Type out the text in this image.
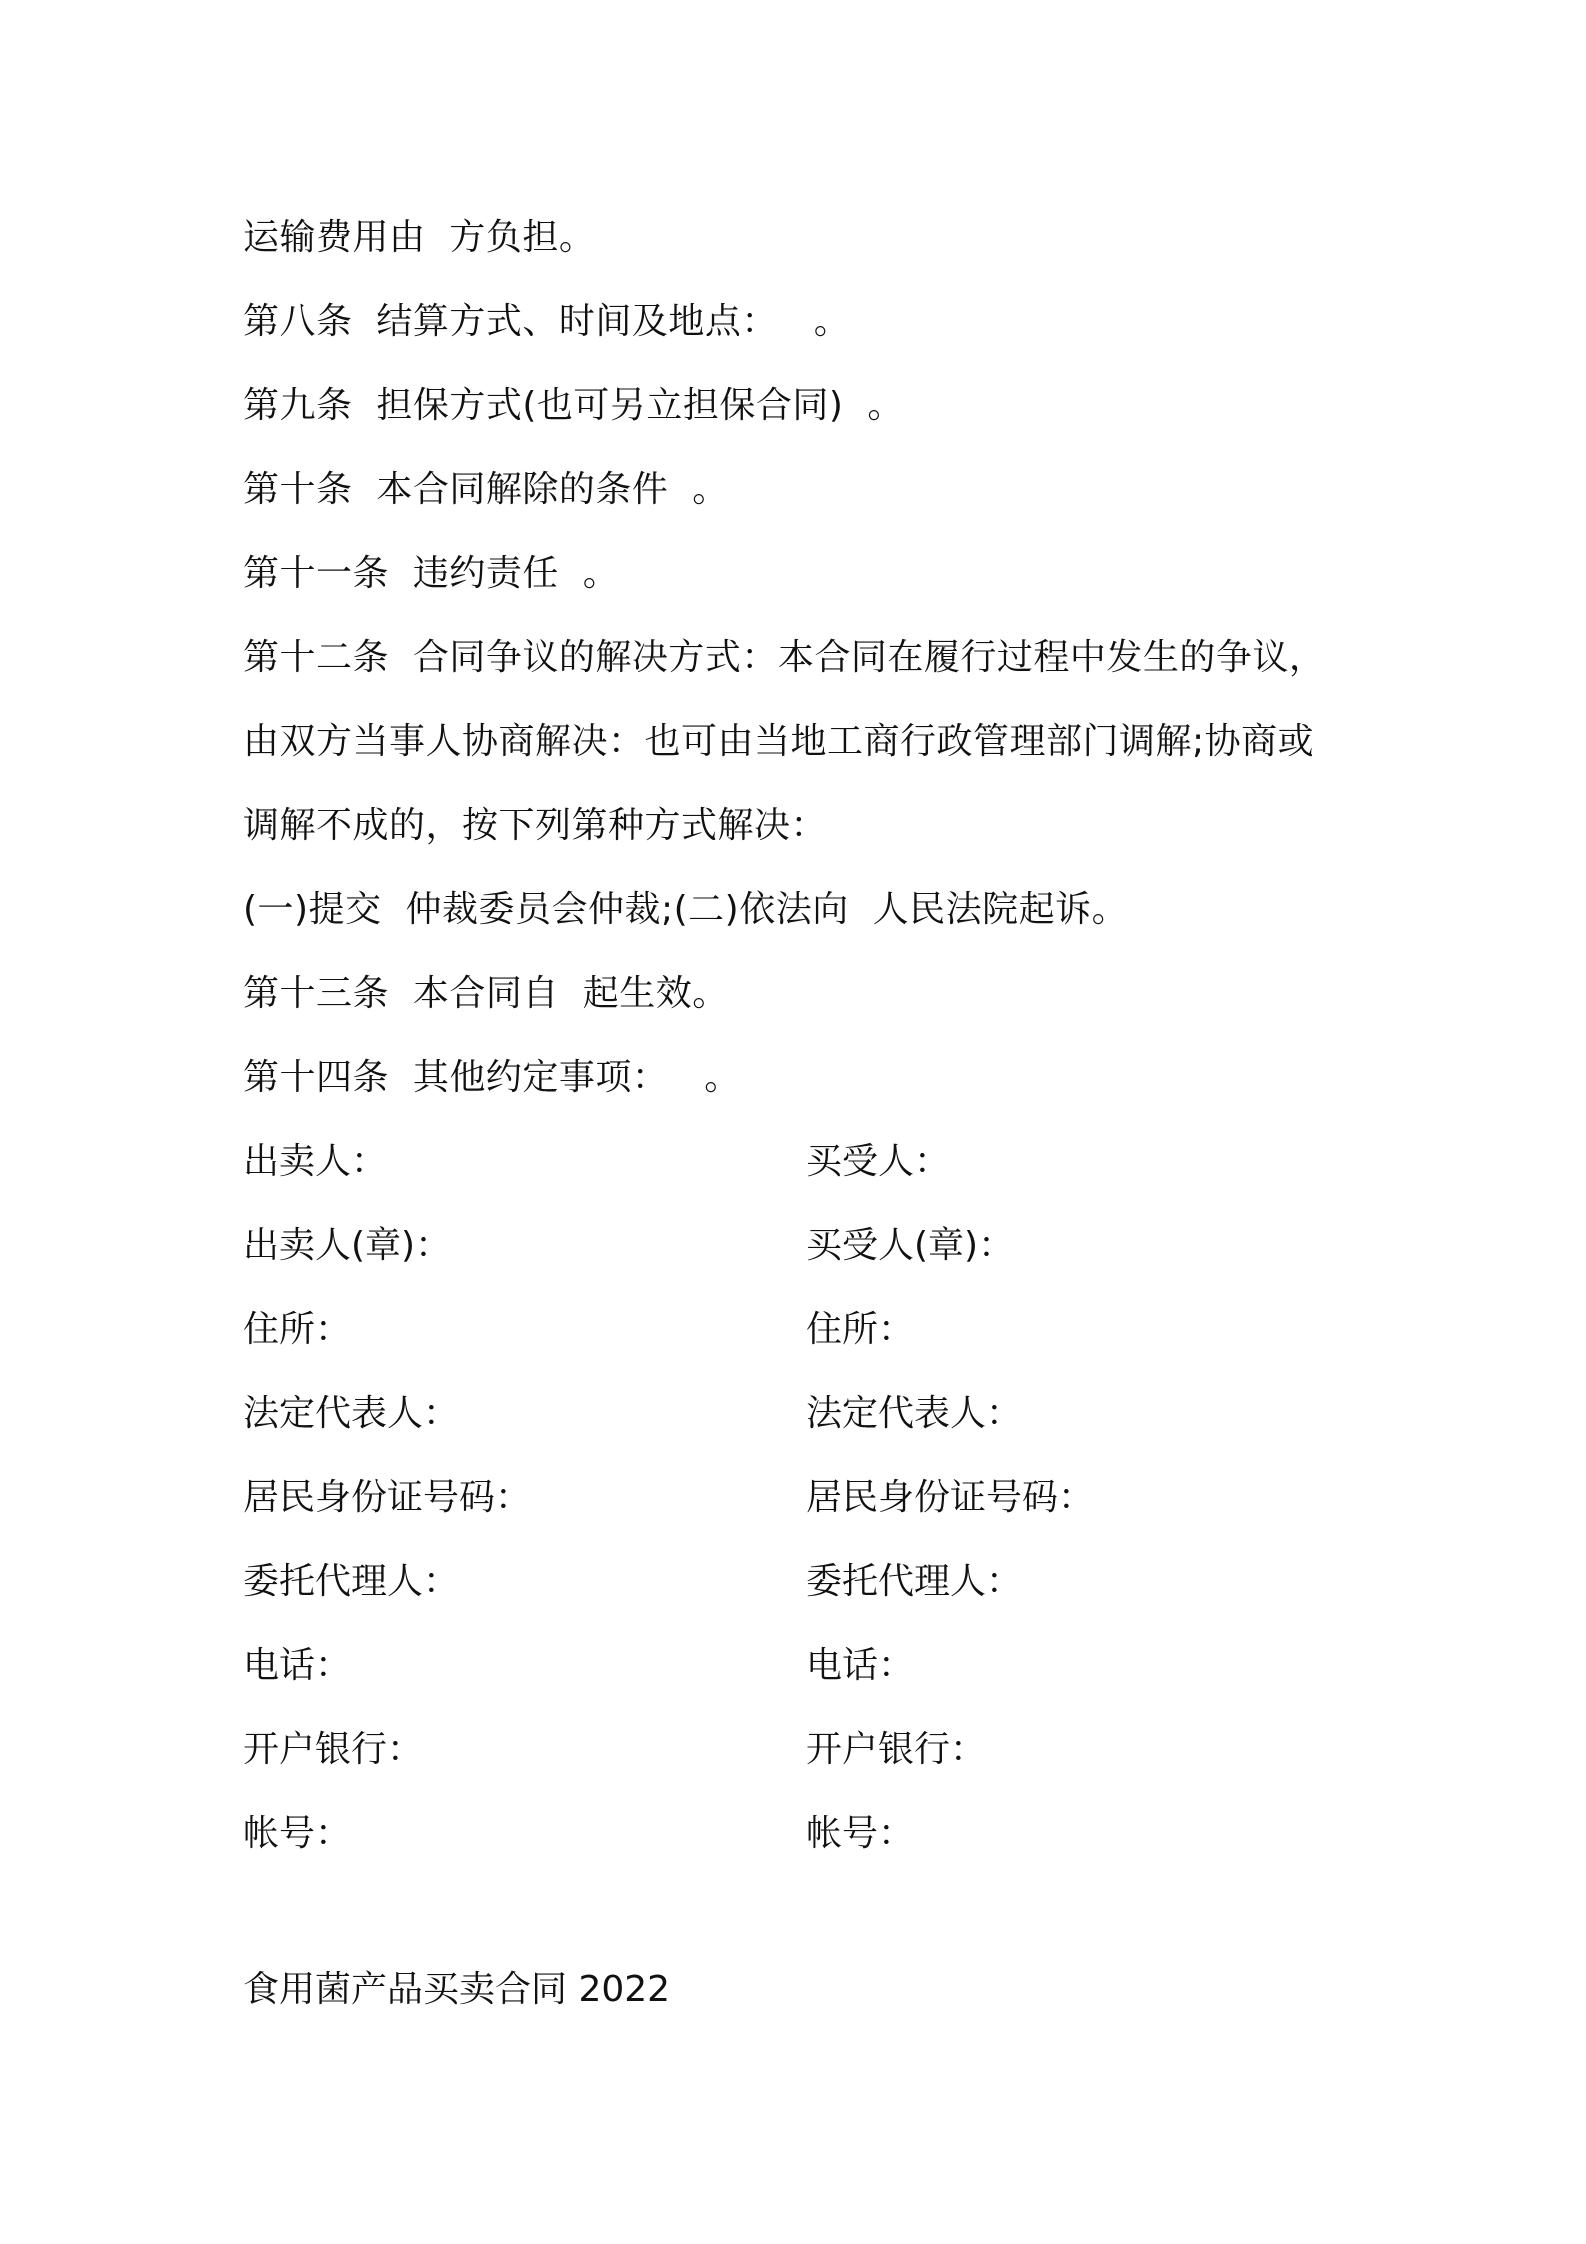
运输费用由  方负担。
第八条  结算方式、时间及地点：   。
第九条  担保方式(也可另立担保合同)  。
第十条  本合同解除的条件  。
第十一条  违约责任  。
第十二条  合同争议的解决方式：本合同在履行过程中发生的争议，
由双方当事人协商解决：也可由当地工商行政管理部门调解;协商或
调解不成的，按下列第种方式解决：
(一)提交  仲裁委员会仲裁;(二)依法向  人民法院起诉。
第十三条  本合同自  起生效。
第十四条  其他约定事项：   。
出卖人：	买受人：
出卖人(章)：	买受人(章)：
住所：	住所：
法定代表人：	法定代表人：
居民身份证号码：	居民身份证号码：
委托代理人：	委托代理人：
电话：	电话：
开户银行：	开户银行：
帐号：	帐号：
食用菌产品买卖合同 2022
